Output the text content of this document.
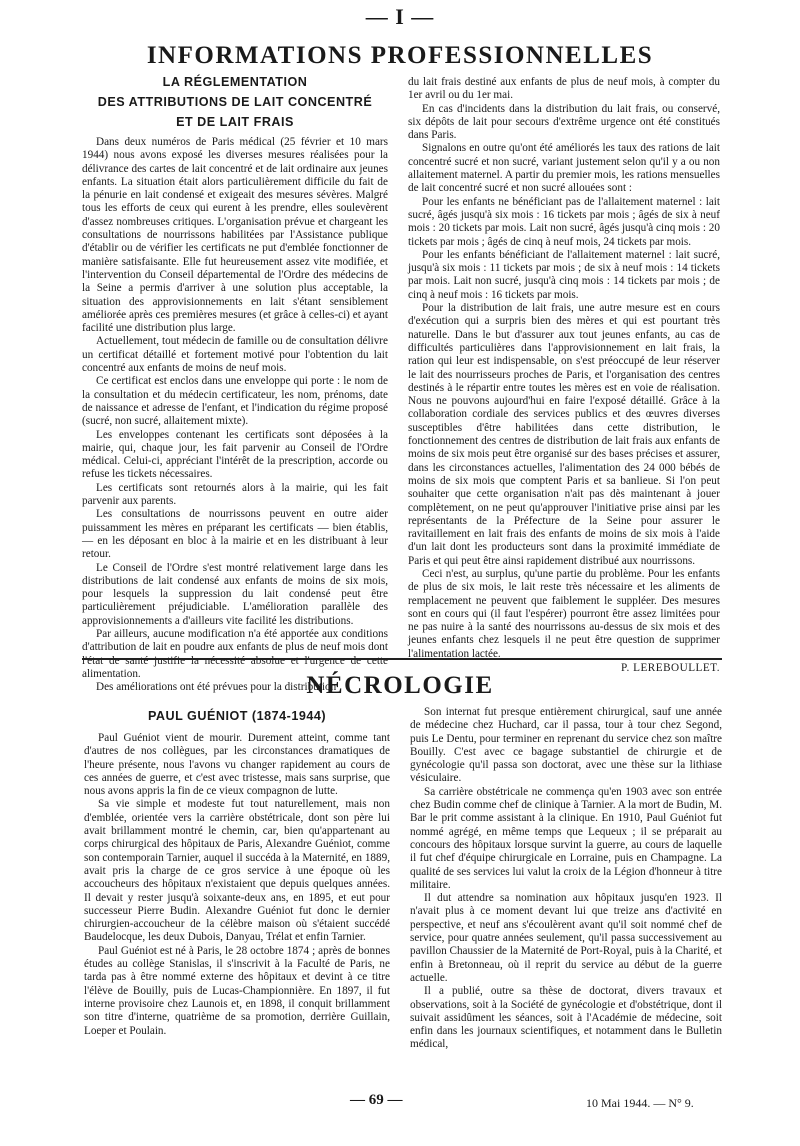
— I —
INFORMATIONS PROFESSIONNELLES
LA RÉGLEMENTATION
DES ATTRIBUTIONS DE LAIT CONCENTRÉ
ET DE LAIT FRAIS

Dans deux numéros de Paris médical (25 février et 10 mars 1944) nous avons exposé les diverses mesures réalisées pour la délivrance des cartes de lait concentré et de lait ordinaire aux jeunes enfants. La situation était alors particulièrement difficile du fait de la pénurie en lait condensé et exigeait des mesures sévères. Malgré tous les efforts de ceux qui eurent à les prendre, elles soulevèrent d'assez nombreuses critiques. L'organisation prévue et chargeant les consultations de nourrissons habilitées par l'Assistance publique d'établir ou de vérifier les certificats ne put d'emblée fonctionner de manière satisfaisante. Elle fut heureusement assez vite modifiée, et l'intervention du Conseil départemental de l'Ordre des médecins de la Seine a permis d'arriver à une solution plus acceptable, la situation des approvisionnements en lait s'étant sensiblement améliorée après ces premières mesures (et grâce à celles-ci) et ayant facilité une distribution plus large.

Actuellement, tout médecin de famille ou de consultation délivre un certificat détaillé et fortement motivé pour l'obtention du lait concentré aux enfants de moins de neuf mois.

Ce certificat est enclos dans une enveloppe qui porte : le nom de la consultation et du médecin certificateur, les nom, prénoms, date de naissance et adresse de l'enfant, et l'indication du régime proposé (sucré, non sucré, allaitement mixte).

Les enveloppes contenant les certificats sont déposées à la mairie, qui, chaque jour, les fait parvenir au Conseil de l'Ordre médical. Celui-ci, appréciant l'intérêt de la prescription, accorde ou refuse les tickets nécessaires.

Les certificats sont retournés alors à la mairie, qui les fait parvenir aux parents.

Les consultations de nourrissons peuvent en outre aider puissamment les mères en préparant les certificats — bien établis, — en les déposant en bloc à la mairie et en les distribuant à leur retour.

Le Conseil de l'Ordre s'est montré relativement large dans les distributions de lait condensé aux enfants de moins de six mois, pour lesquels la suppression du lait condensé peut être particulièrement préjudiciable. L'amélioration parallèle des approvisionnements a d'ailleurs vite facilité les distributions.

Par ailleurs, aucune modification n'a été apportée aux conditions d'attribution de lait en poudre aux enfants de plus de neuf mois dont l'état de santé justifie la nécessité absolue et l'urgence de cette alimentation.

Des améliorations ont été prévues pour la distribution

du lait frais destiné aux enfants de plus de neuf mois, à compter du 1er avril ou du 1er mai.

En cas d'incidents dans la distribution du lait frais, ou conservé, six dépôts de lait pour secours d'extrême urgence ont été constitués dans Paris.

Signalons en outre qu'ont été améliorés les taux des rations de lait concentré sucré et non sucré, variant justement selon qu'il y a ou non allaitement maternel. A partir du premier mois, les rations mensuelles de lait concentré sucré et non sucré allouées sont :

Pour les enfants ne bénéficiant pas de l'allaitement maternel : lait sucré, âgés jusqu'à six mois : 16 tickets par mois ; âgés de six à neuf mois : 20 tickets par mois. Lait non sucré, âgés jusqu'à cinq mois : 20 tickets par mois ; âgés de cinq à neuf mois, 24 tickets par mois.

Pour les enfants bénéficiant de l'allaitement maternel : lait sucré, jusqu'à six mois : 11 tickets par mois ; de six à neuf mois : 14 tickets par mois. Lait non sucré, jusqu'à cinq mois : 14 tickets par mois ; de cinq à neuf mois : 16 tickets par mois.

Pour la distribution de lait frais, une autre mesure est en cours d'exécution qui a surpris bien des mères et qui est pourtant très naturelle. Dans le but d'assurer aux tout jeunes enfants, au cas de difficultés particulières dans l'approvisionnement en lait frais, la ration qui leur est indispensable, on s'est préoccupé de leur réserver le lait des nourrisseurs proches de Paris, et l'organisation des centres destinés à le répartir entre toutes les mères est en voie de réalisation. Nous ne pouvons aujourd'hui en faire l'exposé détaillé. Grâce à la collaboration cordiale des services publics et des œuvres diverses susceptibles d'être habilitées dans cette distribution, le fonctionnement des centres de distribution de lait frais aux enfants de moins de six mois peut être organisé sur des bases précises et assurer, dans les circonstances actuelles, l'alimentation des 24 000 bébés de moins de six mois que comptent Paris et sa banlieue. Si l'on peut souhaiter que cette organisation n'ait pas dès maintenant à jouer complètement, on ne peut qu'approuver l'initiative prise ainsi par les représentants de la Préfecture de la Seine pour assurer le ravitaillement en lait frais des enfants de moins de six mois à l'aide d'un lait dont les producteurs sont dans la proximité immédiate de Paris et qui peut être ainsi rapidement distribué aux nourrissons.

Ceci n'est, au surplus, qu'une partie du problème. Pour les enfants de plus de six mois, le lait reste très nécessaire et les aliments de remplacement ne peuvent que faiblement le suppléer. Des mesures sont en cours qui (il faut l'espérer) pourront être assez limitées pour ne pas nuire à la santé des nourrissons au-dessus de six mois et des jeunes enfants chez lesquels il ne peut être question de supprimer l'alimentation lactée.

P. LEREBOULLET.

NÉCROLOGIE
PAUL GUÉNIOT (1874-1944)

Paul Guéniot vient de mourir. Durement atteint, comme tant d'autres de nos collègues, par les circonstances dramatiques de l'heure présente, nous l'avons vu changer rapidement au cours de ces années de guerre, et c'est avec tristesse, mais sans surprise, que nous avons appris la fin de ce vieux compagnon de lutte.

Sa vie simple et modeste fut tout naturellement, mais non d'emblée, orientée vers la carrière obstétricale, dont son père lui avait brillamment montré le chemin, car, bien qu'appartenant au corps chirurgical des hôpitaux de Paris, Alexandre Guéniot, comme son contemporain Tarnier, auquel il succéda à la Maternité, en 1889, avait pris la charge de ce gros service à une époque où les accoucheurs des hôpitaux n'existaient que depuis quelques années. Il devait y rester jusqu'à soixante-deux ans, en 1895, et eut pour successeur Pierre Budin. Alexandre Guéniot fut donc le dernier chirurgien-accoucheur de la célèbre maison où s'étaient succédé Baudelocque, les deux Dubois, Danyau, Trélat et enfin Tarnier.

Paul Guéniot est né à Paris, le 28 octobre 1874 ; après de bonnes études au collège Stanislas, il s'inscrivit à la Faculté de Paris, ne tarda pas à être nommé externe des hôpitaux et devint à ce titre l'élève de Bouilly, puis de Lucas-Championnière. En 1897, il fut interne provisoire chez Launois et, en 1898, il conquit brillamment son titre d'interne, quatrième de sa promotion, derrière Guillain, Loeper et Poulain.

Son internat fut presque entièrement chirurgical, sauf une année de médecine chez Huchard, car il passa, tour à tour chez Segond, puis Le Dentu, pour terminer en reprenant du service chez son maître Bouilly. C'est avec ce bagage substantiel de chirurgie et de gynécologie qu'il passa son doctorat, avec une thèse sur la lithiase vésiculaire.

Sa carrière obstétricale ne commença qu'en 1903 avec son entrée chez Budin comme chef de clinique à Tarnier. A la mort de Budin, M. Bar le prit comme assistant à la clinique. En 1910, Paul Guéniot fut nommé agrégé, en même temps que Lequeux ; il se préparait au concours des hôpitaux lorsque survint la guerre, au cours de laquelle il fut chef d'équipe chirurgicale en Lorraine, puis en Champagne. La qualité de ses services lui valut la croix de la Légion d'honneur à titre militaire.

Il dut attendre sa nomination aux hôpitaux jusqu'en 1923. Il n'avait plus à ce moment devant lui que treize ans d'activité en perspective, et neuf ans s'écoulèrent avant qu'il soit nommé chef de service, pour quatre années seulement, qu'il passa successivement au pavillon Chaussier de la Maternité de Port-Royal, puis à la Charité, et enfin à Bretonneau, où il reprit du service au début de la guerre actuelle.

Il a publié, outre sa thèse de doctorat, divers travaux et observations, soit à la Société de gynécologie et d'obstétrique, dont il suivait assidûment les séances, soit à l'Académie de médecine, soit enfin dans les journaux scientifiques, et notamment dans le Bulletin médical,

— 69 —	10 Mai 1944. — N° 9.
